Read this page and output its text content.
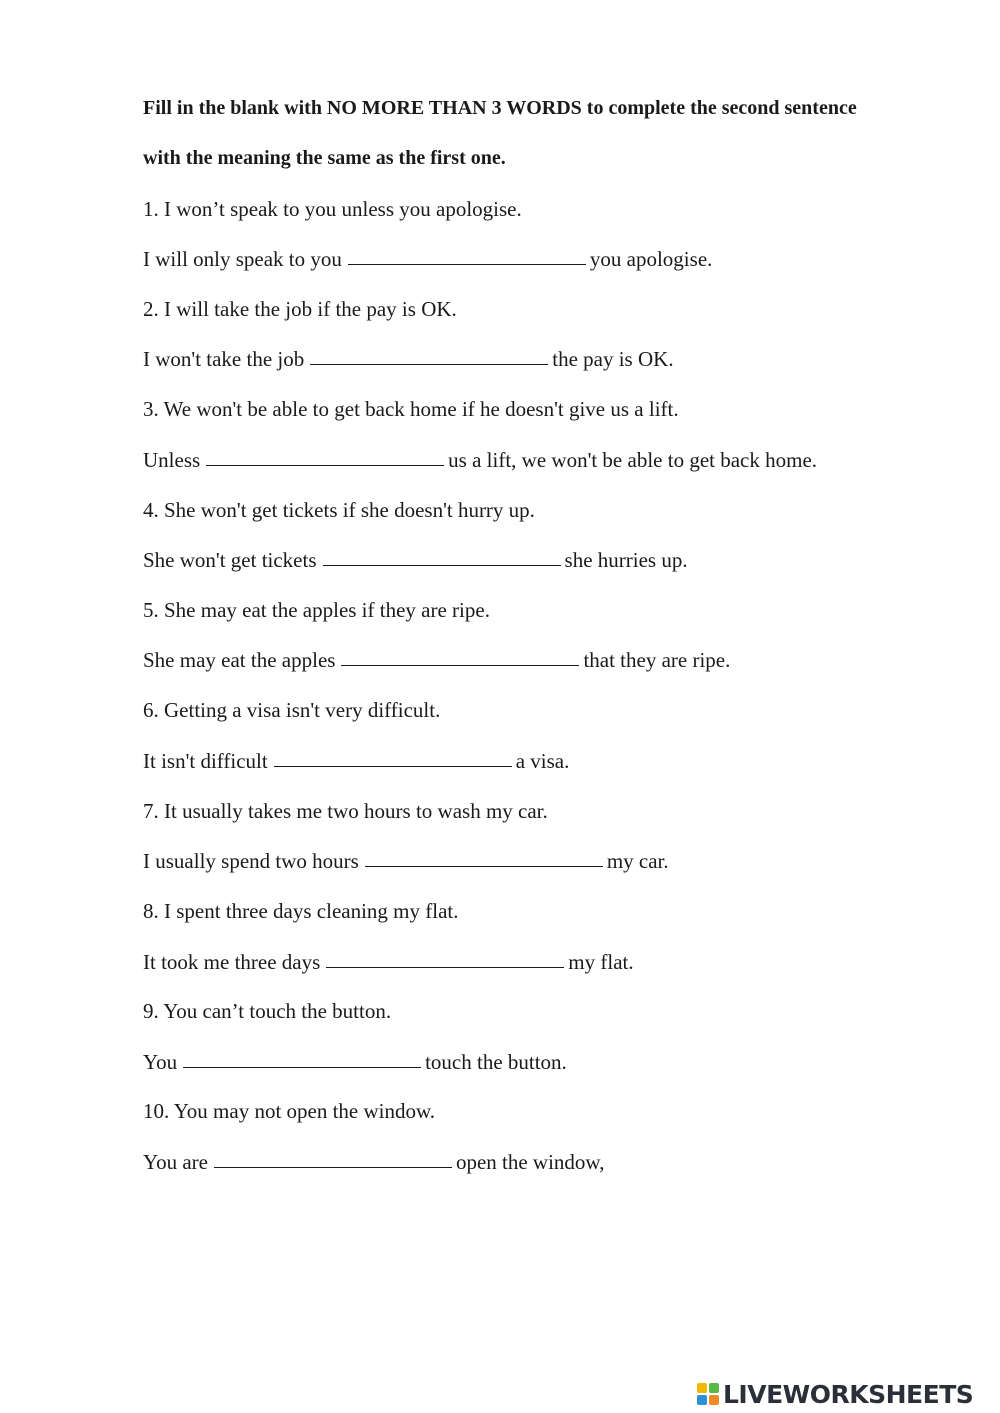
Fill in the blank with NO MORE THAN 3 WORDS to complete the second sentence
with the meaning the same as the first one.
1. I won’t speak to you unless you apologise.
I will only speak to you	you apologise.
2. I will take the job if the pay is OK.
I won't take the job	the pay is OK.
3. We won't be able to get back home if he doesn't give us a lift.
Unless	us a lift, we won't be able to get back home.
4. She won't get tickets if she doesn't hurry up.
She won't get tickets	she hurries up.
5. She may eat the apples if they are ripe.
She may eat the apples	that they are ripe.
6. Getting a visa isn't very difficult.
It isn't difficult	a visa.
7. It usually takes me two hours to wash my car.
I usually spend two hours	my car.
8. I spent three days cleaning my flat.
It took me three days	my flat.
9. You can’t touch the button.
You	touch the button.
10. You may not open the window.
You are	open the window,
LIVEWORKSHEETS
